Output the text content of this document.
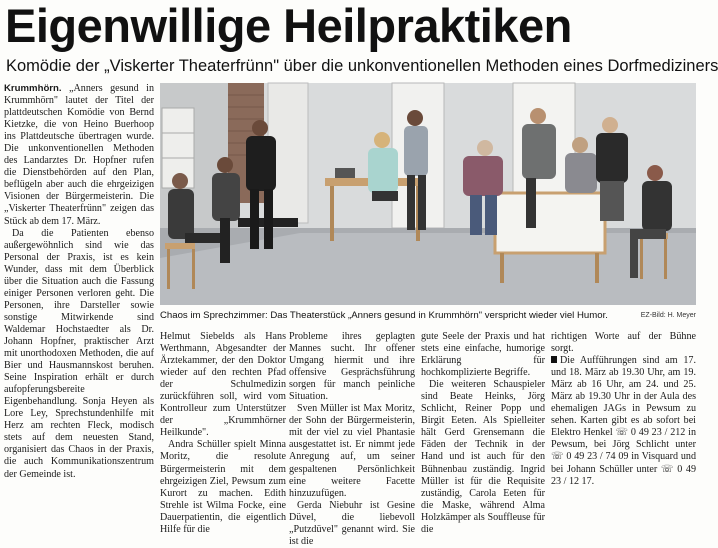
Eigenwillige Heilpraktiken
Komödie der „Viskerter Theaterfrünn" über die unkonventionellen Methoden eines Dorfmediziners

Krummhörn. „Anners gesund in Krummhörn" lautet der Titel der plattdeutschen Komödie von Bernd Kietzke, die von Heino Buerhoop ins Plattdeutsche übertragen wurde. Die unkonventionellen Methoden des Landarztes Dr. Hopfner rufen die Dienstbehörden auf den Plan, beflügeln aber auch die ehrgeizigen Visionen der Bürgermeisterin. Die „Viskerter Theaterfrünn" zeigen das Stück ab dem 17. März.

Da die Patienten ebenso außergewöhnlich sind wie das Personal der Praxis, ist es kein Wunder, dass mit dem Überblick über die Situation auch die Fassung einiger Personen verloren geht. Die Personen, ihre Darsteller sowie sonstige Mitwirkende sind Waldemar Hochstaedter als Dr. Johann Hopfner, praktischer Arzt mit unorthodoxen Methoden, die auf Bier und Hausmannskost beruhen. Seine Inspiration erhält er durch aufopferungsbereite Eigenbehandlung. Sonja Heyen als Lore Ley, Sprechstundenhilfe mit Herz am rechten Fleck, modisch stets auf dem neuesten Stand, organisiert das Chaos in der Praxis, die auch Kommunikationszentrum der Gemeinde ist.

Chaos im Sprechzimmer: Das Theaterstück „Anners gesund in Krummhörn" verspricht wieder viel Humor.	EZ-Bild: H. Meyer

Helmut Siebelds als Hans Werthmann, Abgesandter der Ärztekammer, der den Doktor wieder auf den rechten Pfad der Schulmedizin zurückführen soll, wird vom Kontrolleur zum Unterstützer der „Krummhörner Heilkunde".

Andra Schüller spielt Minna Moritz, die resolute Bürgermeisterin mit dem ehrgeizigen Ziel, Pewsum zum Kurort zu machen. Edith Strehle ist Wilma Focke, eine Dauerpatientin, die eigentlich Hilfe für die

Probleme ihres geplagten Mannes sucht. Ihr offener Umgang hiermit und ihre offensive Gesprächsführung sorgen für manch peinliche Situation.

Sven Müller ist Max Moritz, der Sohn der Bürgermeisterin, mit der viel zu viel Phantasie ausgestattet ist. Er nimmt jede Anregung auf, um seiner gespaltenen Persönlichkeit eine weitere Facette hinzuzufügen.

Gerda Niebuhr ist Gesine Düvel, die liebevoll „Putzdüvel" genannt wird. Sie ist die

gute Seele der Praxis und hat stets eine einfache, humorige Erklärung für hochkomplizierte Begriffe.

Die weiteren Schauspieler sind Beate Heinks, Jörg Schlicht, Reiner Popp und Birgit Eeten. Als Spielleiter hält Gerd Grensemann die Fäden der Technik in der Hand und ist auch für den Bühnenbau zuständig. Ingrid Müller ist für die Requisite zuständig, Carola Eeten für die Maske, während Alma Holzkämper als Souffleuse für die

richtigen Worte auf der Bühne sorgt.

Die Aufführungen sind am 17. und 18. März ab 19.30 Uhr, am 19. März ab 16 Uhr, am 24. und 25. März ab 19.30 Uhr in der Aula des ehemaligen JAGs in Pewsum zu sehen. Karten gibt es ab sofort bei Elektro Henkel ☏ 0 49 23 / 212 in Pewsum, bei Jörg Schlicht unter ☏ 0 49 23 / 74 09 in Visquard und bei Johann Schüller unter ☏ 0 49 23 / 12 17.
